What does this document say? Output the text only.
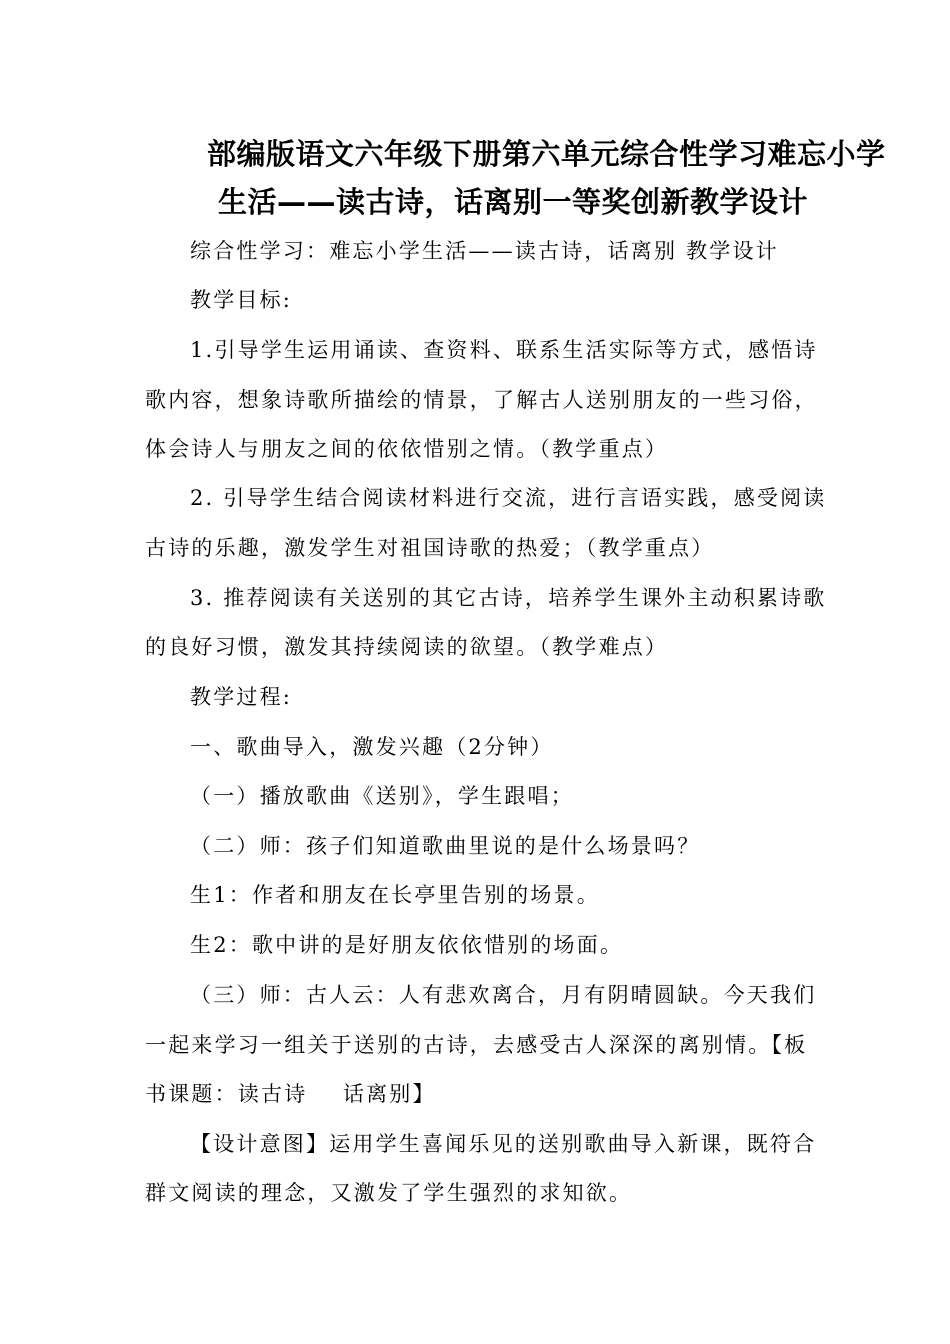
部编版语文六年级下册第六单元综合性学习难忘小学
生活——读古诗，话离别一等奖创新教学设计
综合性学习：难忘小学生活——读古诗，话离别 教学设计
教学目标:
1.引导学生运用诵读、查资料、联系生活实际等方式，感悟诗
歌内容，想象诗歌所描绘的情景，了解古人送别朋友的一些习俗，
体会诗人与朋友之间的依依惜别之情。（教学重点）
2. 引导学生结合阅读材料进行交流，进行言语实践，感受阅读
古诗的乐趣，激发学生对祖国诗歌的热爱；（教学重点）
3. 推荐阅读有关送别的其它古诗，培养学生课外主动积累诗歌
的良好习惯，激发其持续阅读的欲望。（教学难点）
教学过程:
一、歌曲导入，激发兴趣（2分钟）
（一）播放歌曲《送别》，学生跟唱；
（二）师：孩子们知道歌曲里说的是什么场景吗？
生1：作者和朋友在长亭里告别的场景。
生2：歌中讲的是好朋友依依惜别的场面。
（三）师：古人云：人有悲欢离合，月有阴晴圆缺。今天我们
一起来学习一组关于送别的古诗，去感受古人深深的离别情。【板
书课题：读古诗    话离别】
【设计意图】运用学生喜闻乐见的送别歌曲导入新课，既符合
群文阅读的理念，又激发了学生强烈的求知欲。
